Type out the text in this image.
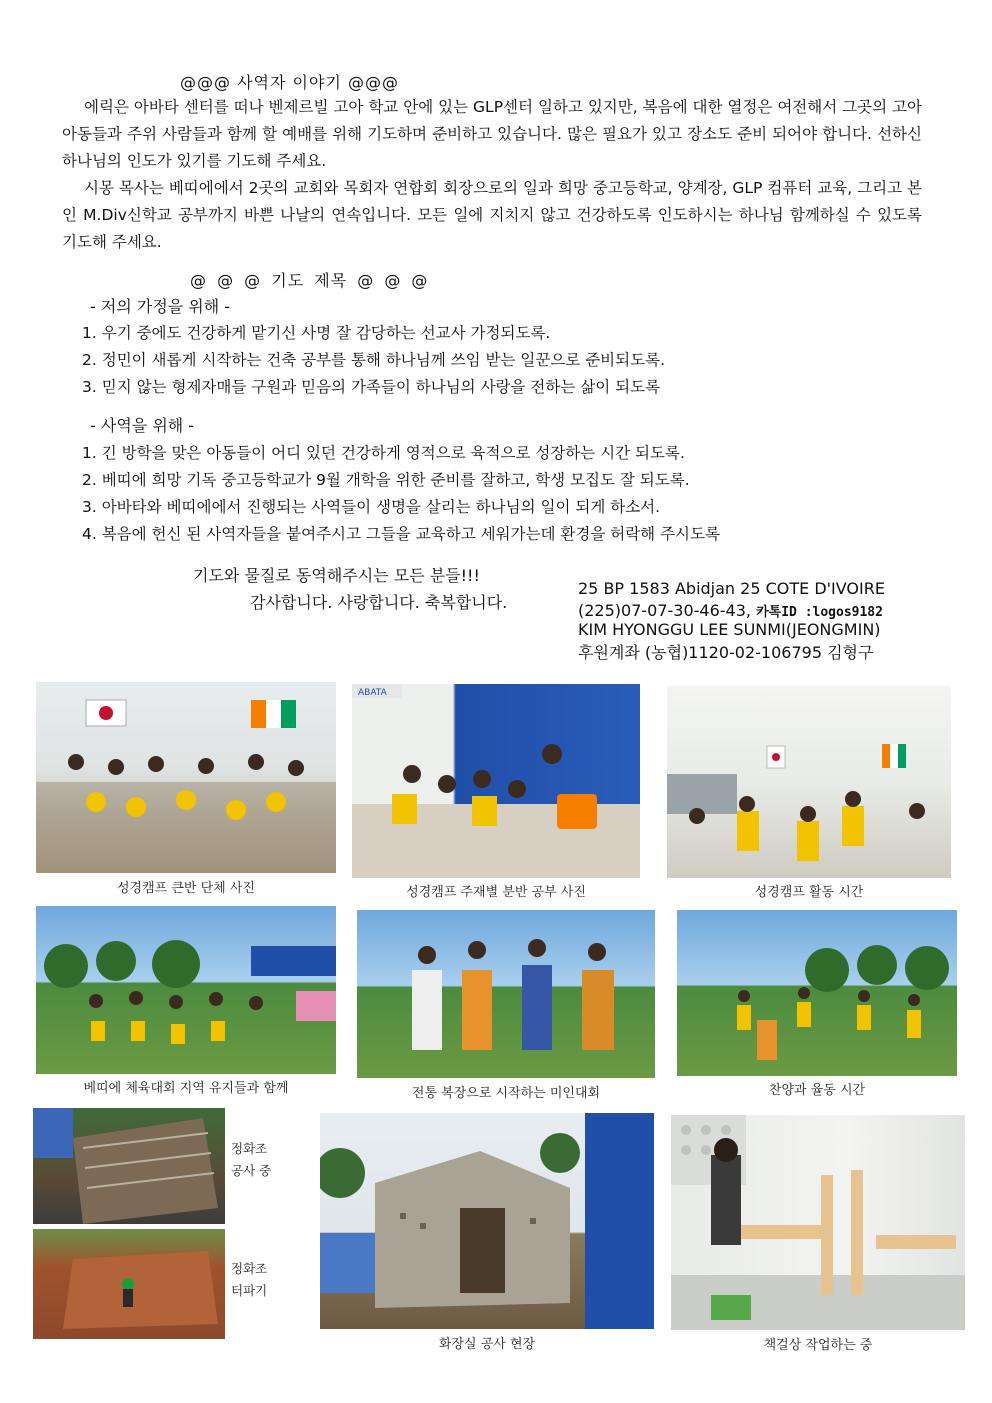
@@@ 사역자 이야기 @@@
에릭은 아바타 센터를 떠나 벤제르빌 고아 학교 안에 있는 GLP센터 일하고 있지만, 복음에 대한 열정은 여전해서 그곳의 고아 아동들과 주위 사람들과 함께 할 예배를 위해 기도하며 준비하고 있습니다. 많은 필요가 있고 장소도 준비 되어야 합니다. 선하신 하나님의 인도가 있기를 기도해 주세요.
시몽 목사는 베띠에에서 2곳의 교회와 목회자 연합회 회장으로의 일과 희망 중고등학교, 양계장, GLP 컴퓨터 교육, 그리고 본인 M.Div신학교 공부까지 바쁜 나날의 연속입니다. 모든 일에 지치지 않고 건강하도록 인도하시는 하나님 함께하실 수 있도록 기도해 주세요.
@ @ @ 기도 제목 @ @ @
- 저의 가정을 위해 -
1. 우기 중에도 건강하게 맡기신 사명 잘 감당하는 선교사 가정되도록.
2. 정민이 새롭게 시작하는 건축 공부를 통해 하나님께 쓰임 받는 일꾼으로 준비되도록.
3. 믿지 않는 형제자매들 구원과 믿음의 가족들이 하나님의 사랑을 전하는 삶이 되도록
- 사역을 위해 -
1. 긴 방학을 맞은 아동들이 어디 있던 건강하게 영적으로 육적으로 성장하는 시간 되도록.
2. 베띠에 희망 기독 중고등학교가 9월 개학을 위한 준비를 잘하고, 학생 모집도 잘 되도록.
3. 아바타와 베띠에에서 진행되는 사역들이 생명을 살리는 하나님의 일이 되게 하소서.
4. 복음에 헌신 된 사역자들을 붙여주시고 그들을 교육하고 세워가는데 환경을 허락해 주시도록
기도와 물질로 동역해주시는 모든 분들!!!
감사합니다. 사랑합니다. 축복합니다.
25 BP 1583 Abidjan 25 COTE D'IVOIRE
(225)07-07-30-46-43, 카톡ID :logos9182
KIM HYONGGU LEE SUNMI(JEONGMIN)
후원계좌 (농협)1120-02-106795 김형구
성경캠프 큰반 단체 사진
ABATA
성경캠프 주재별 분반 공부 사진	성경캠프 활동 시간
베띠에 체육대회 지역 유지들과 함께	전통 복장으로 시작하는 미인대회	찬양과 율동 시간
정화조
공사 중
정화조
터파기
화장실 공사 현장	책걸상 작업하는 중
